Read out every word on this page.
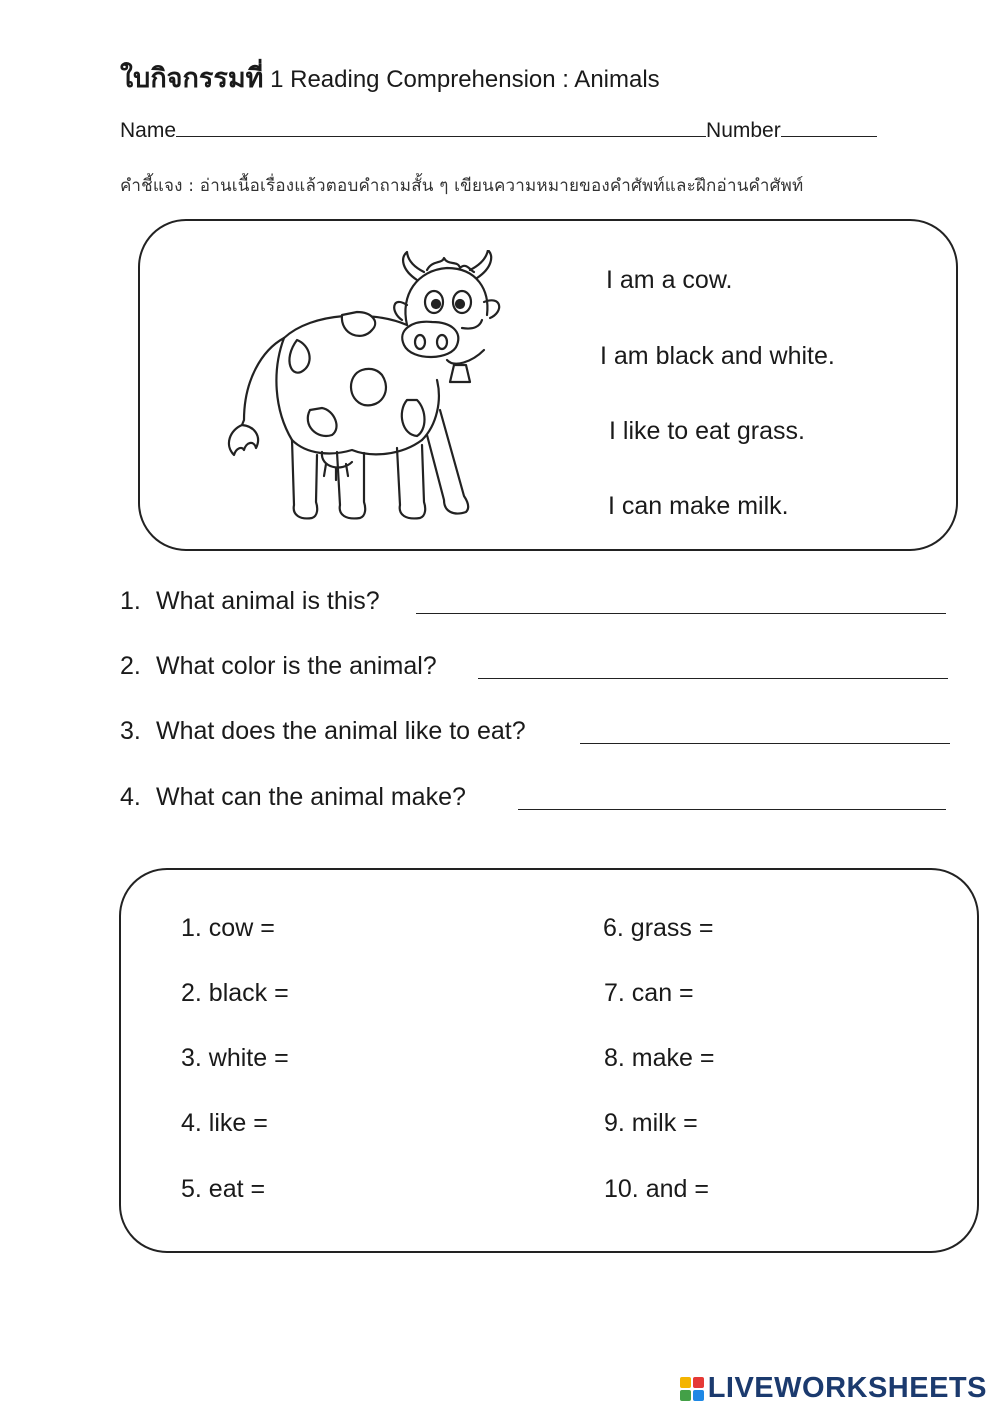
ใบกิจกรรมที่ 1 Reading Comprehension : Animals
Name	Number
คำชี้แจง : อ่านเนื้อเรื่องแล้วตอบคำถามสั้น ๆ เขียนความหมายของคำศัพท์และฝึกอ่านคำศัพท์
I am a cow.
I am black and white.
I like to eat grass.
I can make milk.
1. What animal is this?
2. What color is the animal?
3. What does the animal like to eat?
4. What can the animal make?
1. cow =
2. black =
3. white =
4. like =
5. eat =
6. grass =
7. can =
8. make =
9. milk =
10. and =
LIVEWORKSHEETS
